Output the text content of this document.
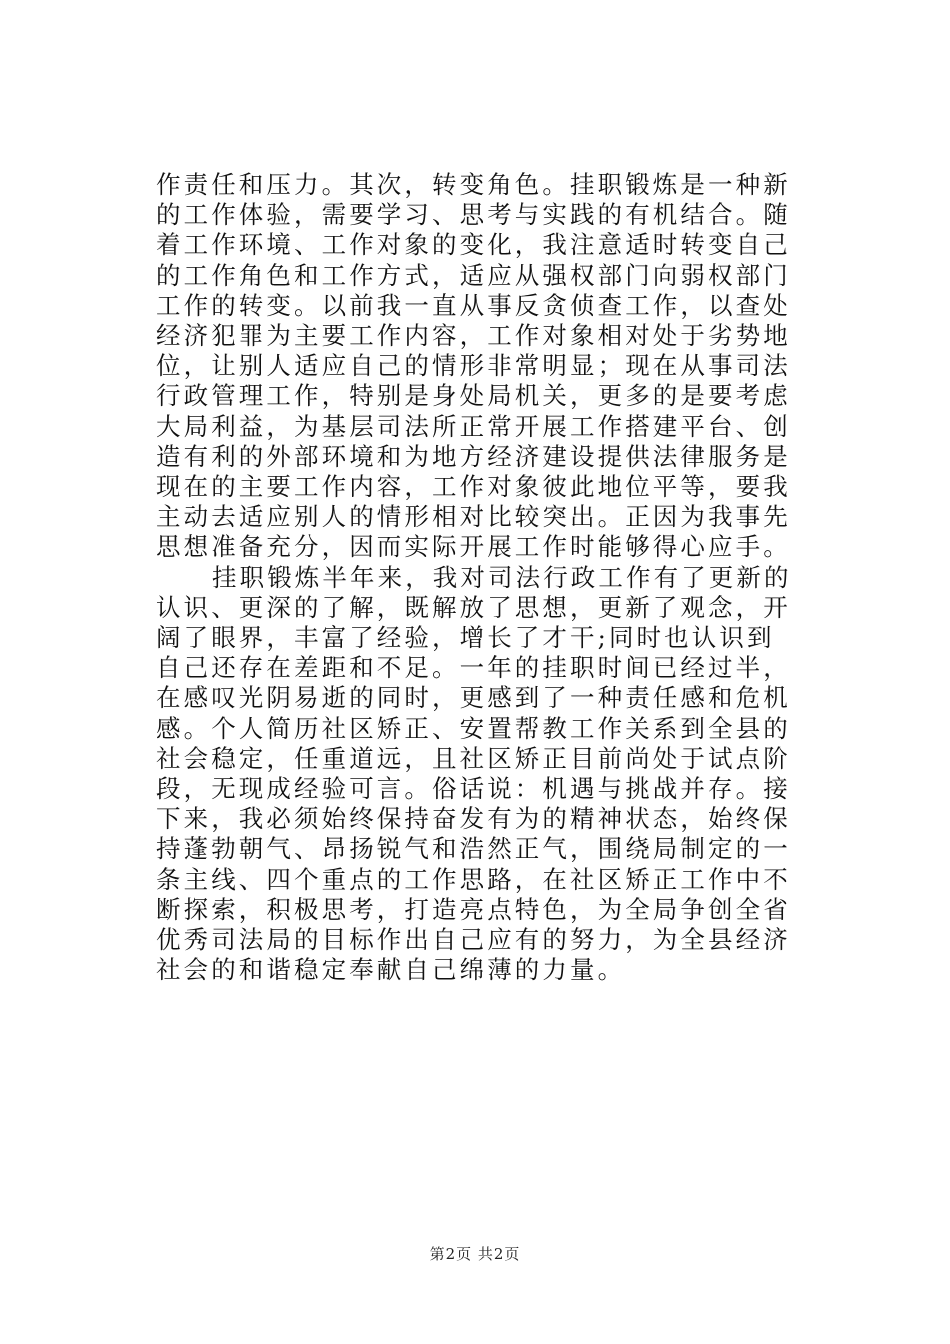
作责任和压力。其次，转变角色。挂职锻炼是一种新的工作体验，需要学习、思考与实践的有机结合。随着工作环境、工作对象的变化，我注意适时转变自己的工作角色和工作方式，适应从强权部门向弱权部门工作的转变。以前我一直从事反贪侦查工作，以查处经济犯罪为主要工作内容，工作对象相对处于劣势地位，让别人适应自己的情形非常明显；现在从事司法行政管理工作，特别是身处局机关，更多的是要考虑大局利益，为基层司法所正常开展工作搭建平台、创造有利的外部环境和为地方经济建设提供法律服务是现在的主要工作内容，工作对象彼此地位平等，要我主动去适应别人的情形相对比较突出。正因为我事先思想准备充分，因而实际开展工作时能够得心应手。

挂职锻炼半年来，我对司法行政工作有了更新的认识、更深的了解，既解放了思想，更新了观念，开阔了眼界，丰富了经验，增长了才干;同时也认识到自己还存在差距和不足。一年的挂职时间已经过半，在感叹光阴易逝的同时，更感到了一种责任感和危机感。个人简历社区矫正、安置帮教工作关系到全县的社会稳定，任重道远，且社区矫正目前尚处于试点阶段，无现成经验可言。俗话说：机遇与挑战并存。接下来，我必须始终保持奋发有为的精神状态，始终保持蓬勃朝气、昂扬锐气和浩然正气，围绕局制定的一条主线、四个重点的工作思路，在社区矫正工作中不断探索，积极思考，打造亮点特色，为全局争创全省优秀司法局的目标作出自己应有的努力，为全县经济社会的和谐稳定奉献自己绵薄的力量。

第2页 共2页
